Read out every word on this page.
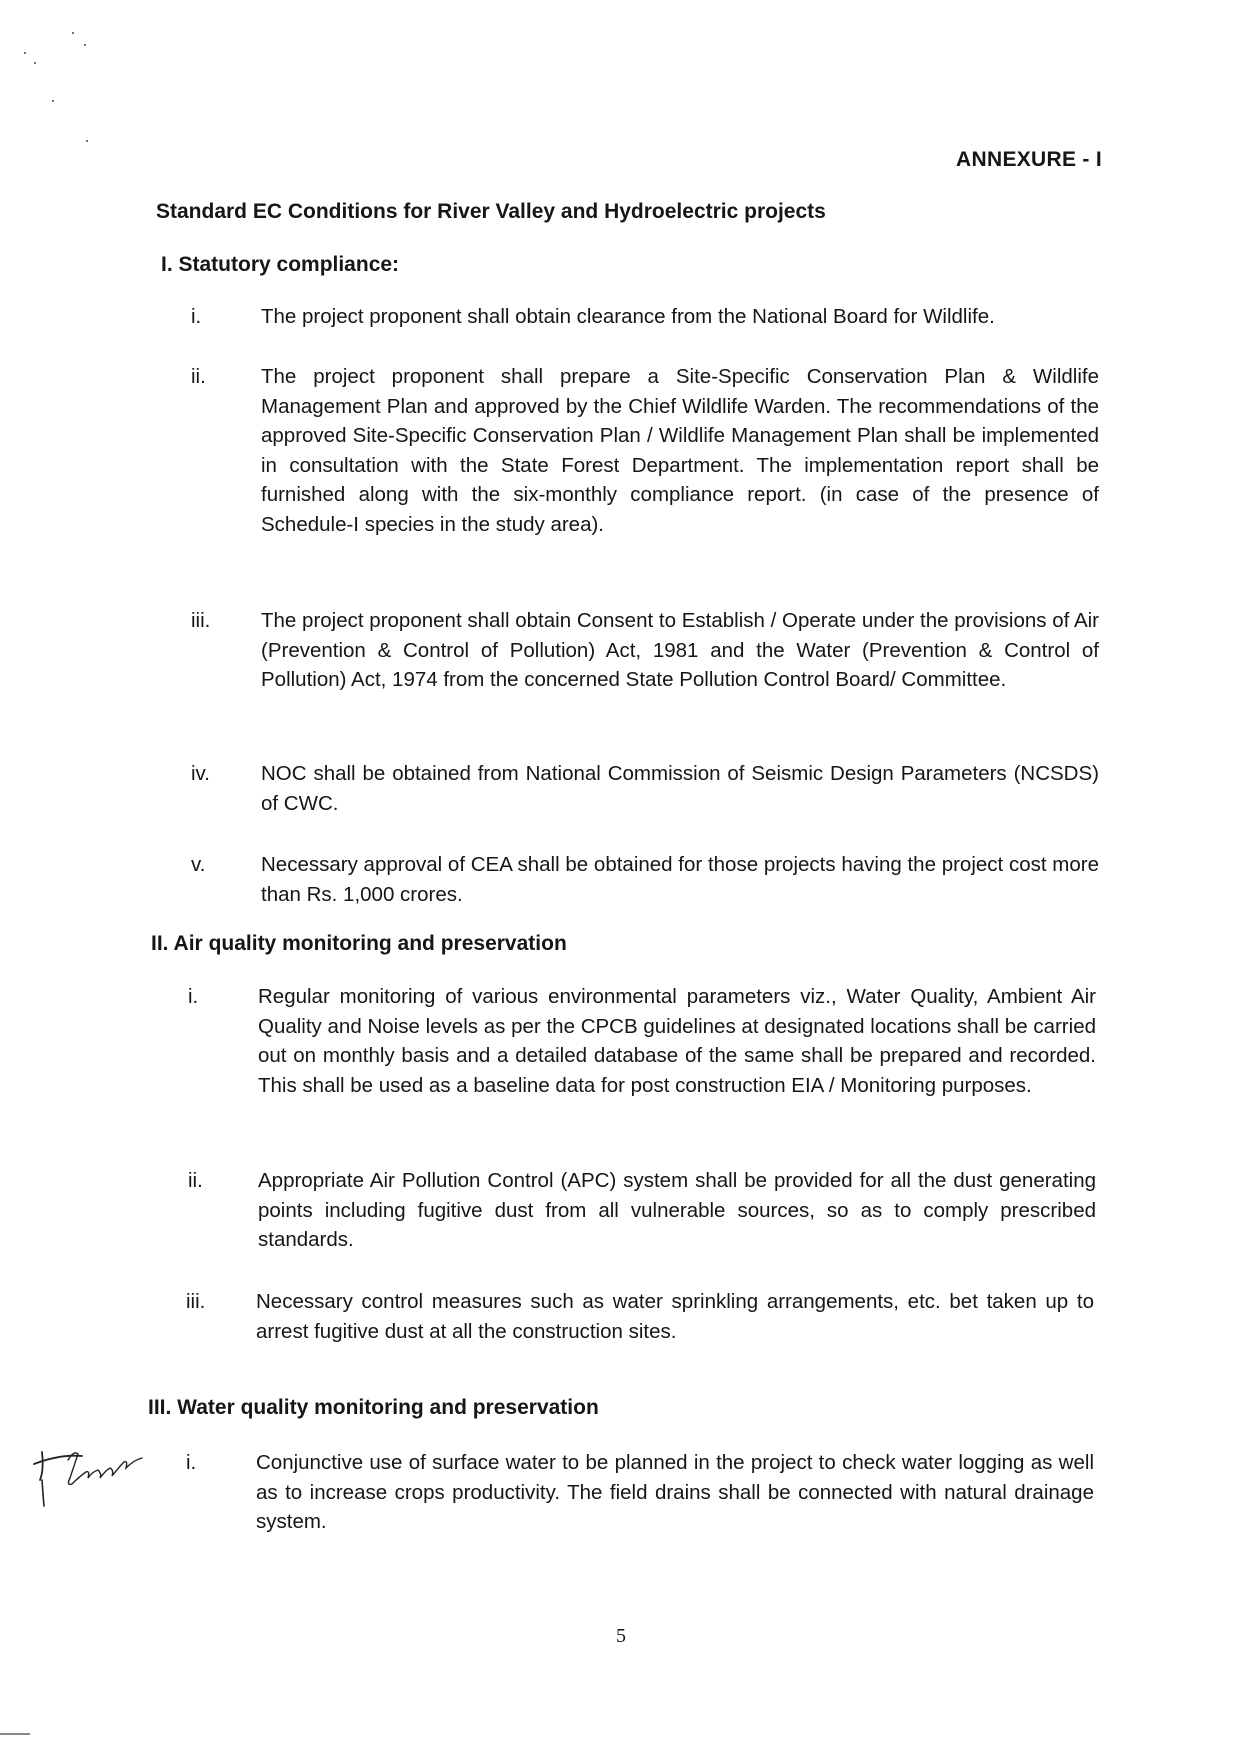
ANNEXURE - I
Standard EC Conditions for River Valley and Hydroelectric projects
I. Statutory compliance:
i.	The project proponent shall obtain clearance from the National Board for Wildlife.
ii.	The project proponent shall prepare a Site-Specific Conservation Plan & Wildlife Management Plan and approved by the Chief Wildlife Warden. The recommendations of the approved Site-Specific Conservation Plan / Wildlife Management Plan shall be implemented in consultation with the State Forest Department. The implementation report shall be furnished along with the six-monthly compliance report. (in case of the presence of Schedule-I species in the study area).
iii. The project proponent shall obtain Consent to Establish / Operate under the provisions of Air (Prevention & Control of Pollution) Act, 1981 and the Water (Prevention & Control of Pollution) Act, 1974 from the concerned State Pollution Control Board/ Committee.
iv. NOC shall be obtained from National Commission of Seismic Design Parameters (NCSDS) of CWC.
v.	Necessary approval of CEA shall be obtained for those projects having the project cost more than Rs. 1,000 crores.
II. Air quality monitoring and preservation
i.	Regular monitoring of various environmental parameters viz., Water Quality, Ambient Air Quality and Noise levels as per the CPCB guidelines at designated locations shall be carried out on monthly basis and a detailed database of the same shall be prepared and recorded. This shall be used as a baseline data for post construction EIA / Monitoring purposes.
ii.	Appropriate Air Pollution Control (APC) system shall be provided for all the dust generating points including fugitive dust from all vulnerable sources, so as to comply prescribed standards.
iii. Necessary control measures such as water sprinkling arrangements, etc. bet taken up to arrest fugitive dust at all the construction sites.
III. Water quality monitoring and preservation
i.	Conjunctive use of surface water to be planned in the project to check water logging as well as to increase crops productivity. The field drains shall be connected with natural drainage system.
5
